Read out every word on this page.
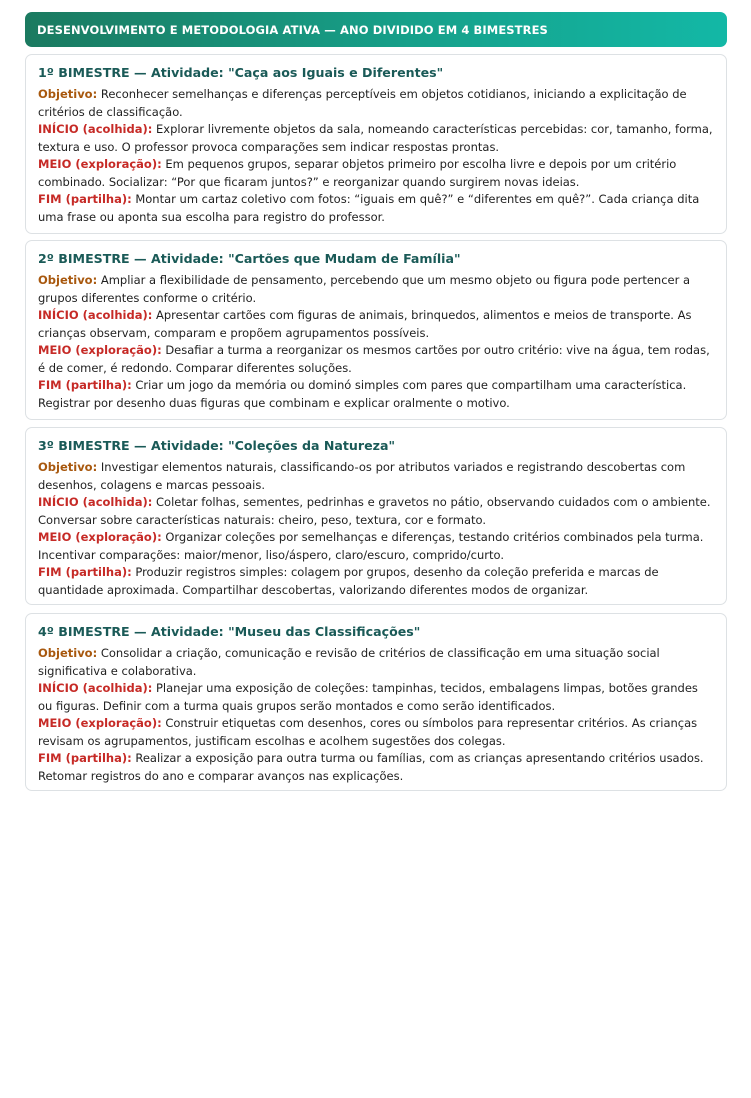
DESENVOLVIMENTO E METODOLOGIA ATIVA — ANO DIVIDIDO EM 4 BIMESTRES
1º BIMESTRE — Atividade: "Caça aos Iguais e Diferentes"

Objetivo: Reconhecer semelhanças e diferenças perceptíveis em objetos cotidianos, iniciando a explicitação de critérios de classificação.

INÍCIO (acolhida): Explorar livremente objetos da sala, nomeando características percebidas: cor, tamanho, forma, textura e uso. O professor provoca comparações sem indicar respostas prontas.

MEIO (exploração): Em pequenos grupos, separar objetos primeiro por escolha livre e depois por um critério combinado. Socializar: “Por que ficaram juntos?” e reorganizar quando surgirem novas ideias.

FIM (partilha): Montar um cartaz coletivo com fotos: “iguais em quê?” e “diferentes em quê?”. Cada criança dita uma frase ou aponta sua escolha para registro do professor.

2º BIMESTRE — Atividade: "Cartões que Mudam de Família"

Objetivo: Ampliar a flexibilidade de pensamento, percebendo que um mesmo objeto ou figura pode pertencer a grupos diferentes conforme o critério.

INÍCIO (acolhida): Apresentar cartões com figuras de animais, brinquedos, alimentos e meios de transporte. As crianças observam, comparam e propõem agrupamentos possíveis.

MEIO (exploração): Desafiar a turma a reorganizar os mesmos cartões por outro critério: vive na água, tem rodas, é de comer, é redondo. Comparar diferentes soluções.

FIM (partilha): Criar um jogo da memória ou dominó simples com pares que compartilham uma característica. Registrar por desenho duas figuras que combinam e explicar oralmente o motivo.

3º BIMESTRE — Atividade: "Coleções da Natureza"

Objetivo: Investigar elementos naturais, classificando-os por atributos variados e registrando descobertas com desenhos, colagens e marcas pessoais.

INÍCIO (acolhida): Coletar folhas, sementes, pedrinhas e gravetos no pátio, observando cuidados com o ambiente. Conversar sobre características naturais: cheiro, peso, textura, cor e formato.

MEIO (exploração): Organizar coleções por semelhanças e diferenças, testando critérios combinados pela turma. Incentivar comparações: maior/menor, liso/áspero, claro/escuro, comprido/curto.

FIM (partilha): Produzir registros simples: colagem por grupos, desenho da coleção preferida e marcas de quantidade aproximada. Compartilhar descobertas, valorizando diferentes modos de organizar.

4º BIMESTRE — Atividade: "Museu das Classificações"

Objetivo: Consolidar a criação, comunicação e revisão de critérios de classificação em uma situação social significativa e colaborativa.

INÍCIO (acolhida): Planejar uma exposição de coleções: tampinhas, tecidos, embalagens limpas, botões grandes ou figuras. Definir com a turma quais grupos serão montados e como serão identificados.

MEIO (exploração): Construir etiquetas com desenhos, cores ou símbolos para representar critérios. As crianças revisam os agrupamentos, justificam escolhas e acolhem sugestões dos colegas.

FIM (partilha): Realizar a exposição para outra turma ou famílias, com as crianças apresentando critérios usados. Retomar registros do ano e comparar avanços nas explicações.
